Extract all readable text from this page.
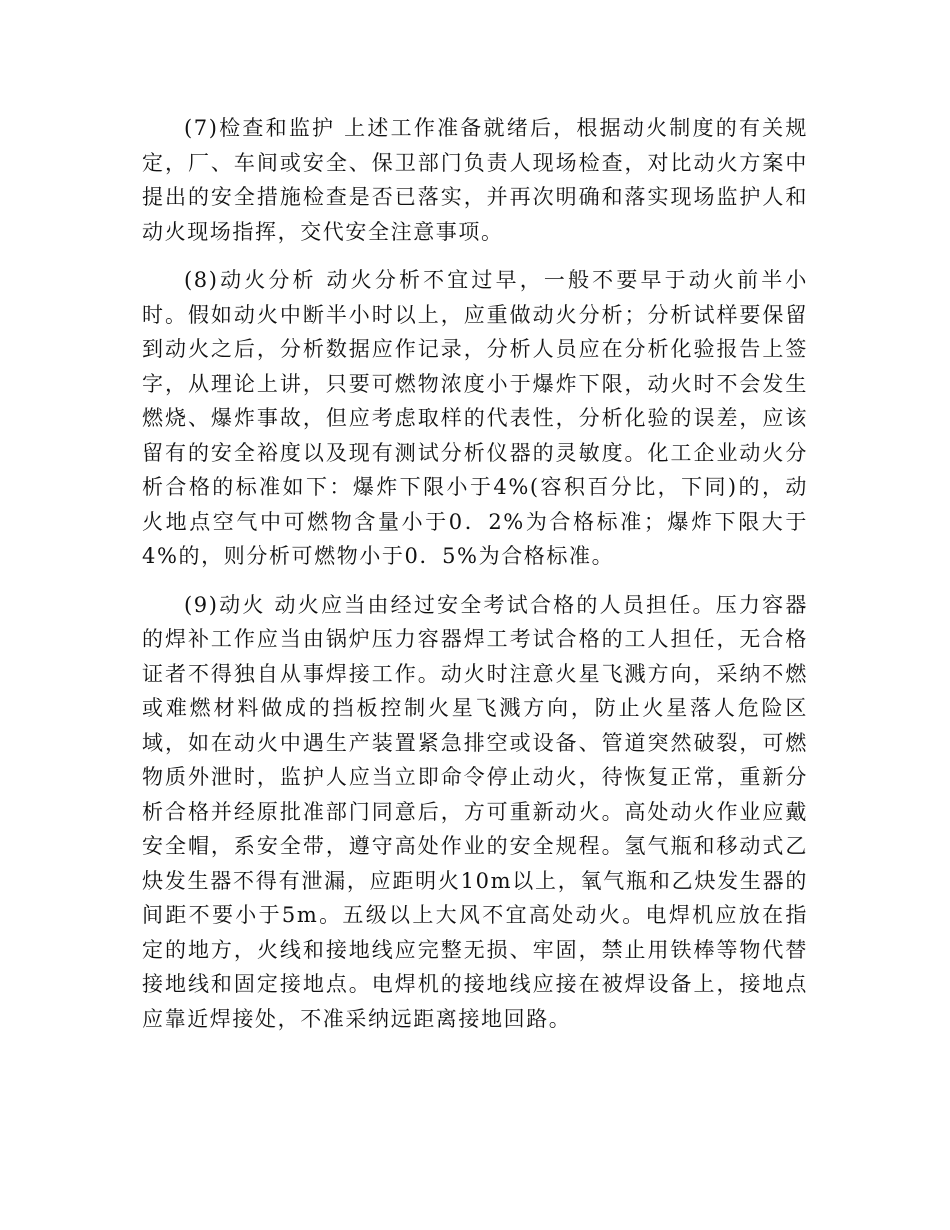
(7)检查和监护 上述工作准备就绪后，根据动火制度的有关规定，厂、车间或安全、保卫部门负责人现场检查，对比动火方案中提出的安全措施检查是否已落实，并再次明确和落实现场监护人和动火现场指挥，交代安全注意事项。

(8)动火分析 动火分析不宜过早，一般不要早于动火前半小时。假如动火中断半小时以上，应重做动火分析；分析试样要保留到动火之后，分析数据应作记录，分析人员应在分析化验报告上签字，从理论上讲，只要可燃物浓度小于爆炸下限，动火时不会发生燃烧、爆炸事故，但应考虑取样的代表性，分析化验的误差，应该留有的安全裕度以及现有测试分析仪器的灵敏度。化工企业动火分析合格的标准如下：爆炸下限小于4%(容积百分比，下同)的，动火地点空气中可燃物含量小于0．2%为合格标准；爆炸下限大于4%的，则分析可燃物小于0．5%为合格标准。

(9)动火 动火应当由经过安全考试合格的人员担任。压力容器的焊补工作应当由锅炉压力容器焊工考试合格的工人担任，无合格证者不得独自从事焊接工作。动火时注意火星飞溅方向，采纳不燃或难燃材料做成的挡板控制火星飞溅方向，防止火星落人危险区域，如在动火中遇生产装置紧急排空或设备、管道突然破裂，可燃物质外泄时，监护人应当立即命令停止动火，待恢复正常，重新分析合格并经原批准部门同意后，方可重新动火。高处动火作业应戴安全帽，系安全带，遵守高处作业的安全规程。氢气瓶和移动式乙炔发生器不得有泄漏，应距明火10m以上，氧气瓶和乙炔发生器的间距不要小于5m。五级以上大风不宜高处动火。电焊机应放在指定的地方，火线和接地线应完整无损、牢固，禁止用铁棒等物代替接地线和固定接地点。电焊机的接地线应接在被焊设备上，接地点应靠近焊接处，不准采纳远距离接地回路。
